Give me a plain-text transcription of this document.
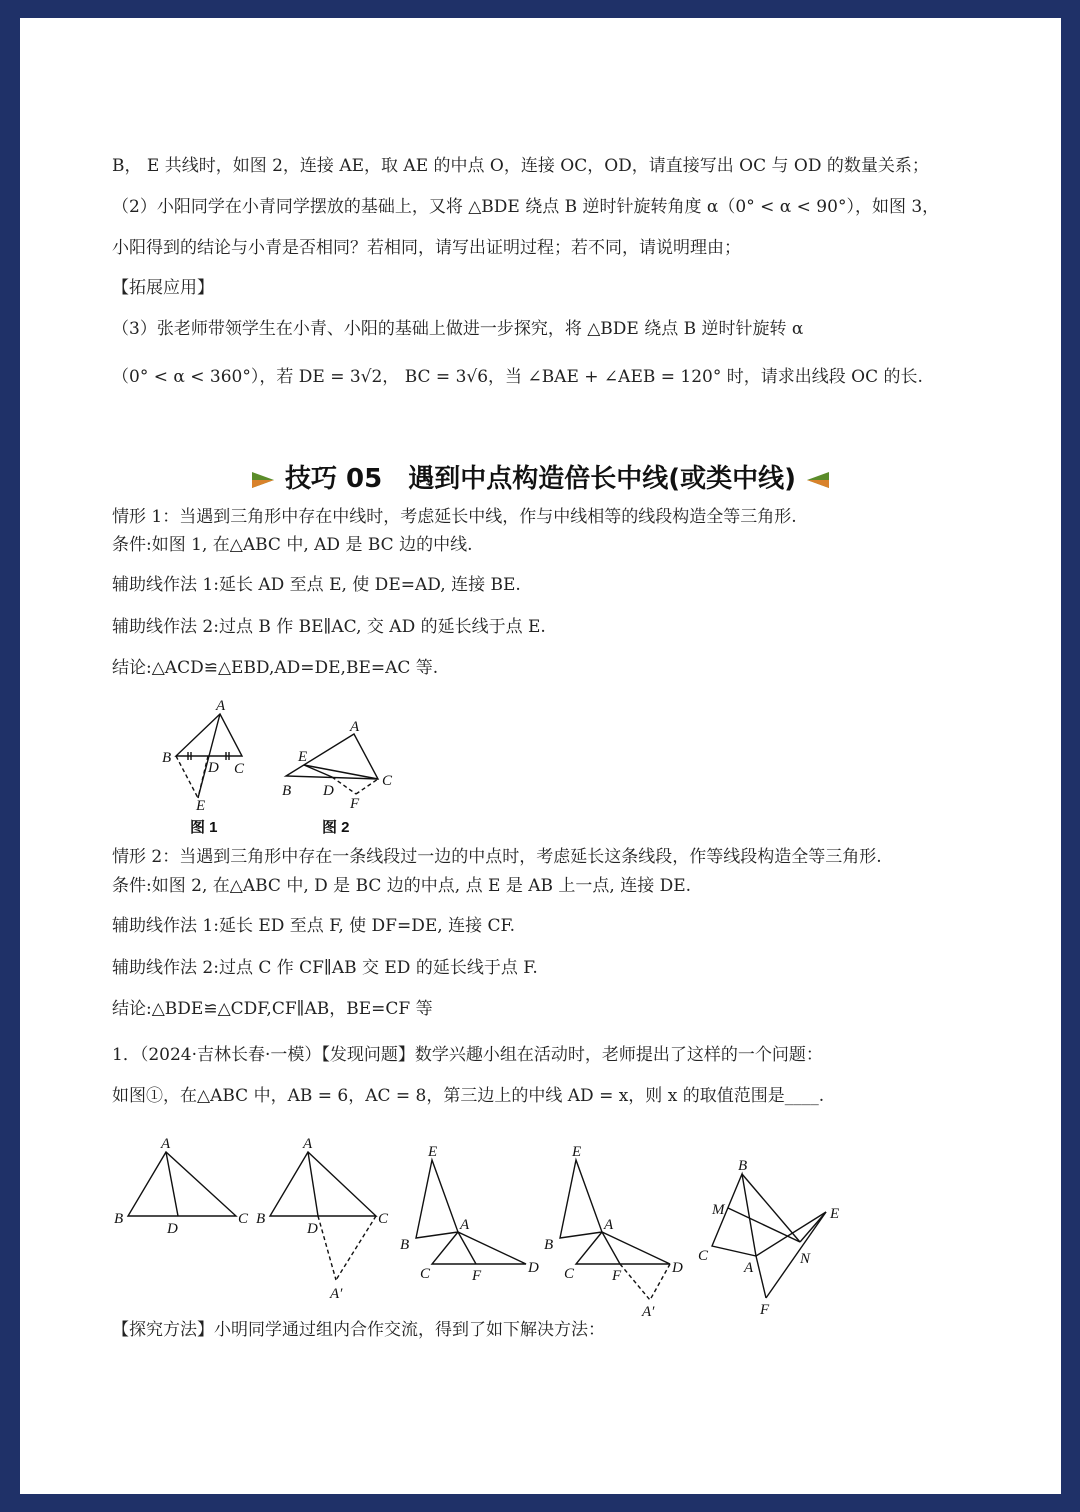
B， E 共线时，如图 2，连接 AE，取 AE 的中点 O，连接 OC，OD，请直接写出 OC 与 OD 的数量关系；
（2）小阳同学在小青同学摆放的基础上，又将 △BDE 绕点 B 逆时针旋转角度 α（0° < α < 90°），如图 3，
小阳得到的结论与小青是否相同？若相同，请写出证明过程；若不同，请说明理由；
【拓展应用】
（3）张老师带领学生在小青、小阳的基础上做进一步探究，将 △BDE 绕点 B 逆时针旋转 α
（0° < α < 360°），若 DE = 3√2， BC = 3√6，当 ∠BAE + ∠AEB = 120° 时，请求出线段 OC 的长.
技巧 05　遇到中点构造倍长中线(或类中线)
情形 1：当遇到三角形中存在中线时，考虑延长中线，作与中线相等的线段构造全等三角形.
条件:如图 1, 在△ABC 中, AD 是 BC 边的中线.
辅助线作法 1:延长 AD 至点 E, 使 DE=AD, 连接 BE.
辅助线作法 2:过点 B 作 BE∥AC, 交 AD 的延长线于点 E.
结论:△ACD≌△EBD,AD=DE,BE=AC 等.
A
B
D C
E
图 1
A
E
B D
C
F
图 2
情形 2：当遇到三角形中存在一条线段过一边的中点时，考虑延长这条线段，作等线段构造全等三角形.
条件:如图 2, 在△ABC 中, D 是 BC 边的中点, 点 E 是 AB 上一点, 连接 DE.
辅助线作法 1:延长 ED 至点 F, 使 DF=DE, 连接 CF.
辅助线作法 2:过点 C 作 CF∥AB 交 ED 的延长线于点 F.
结论:△BDE≌△CDF,CF∥AB，BE=CF 等
1．（2024·吉林长春·一模）【发现问题】数学兴趣小组在活动时，老师提出了这样的一个问题：
如图①，在△ABC 中，AB = 6，AC = 8，第三边上的中线 AD = x，则 x 的取值范围是____.
A
B
D
C
A
B
D
C
A′
E
B
A
C	F	D
E
B
A
C	F	D
A′
B
M
C
A
N
E
F
【探究方法】小明同学通过组内合作交流，得到了如下解决方法：
